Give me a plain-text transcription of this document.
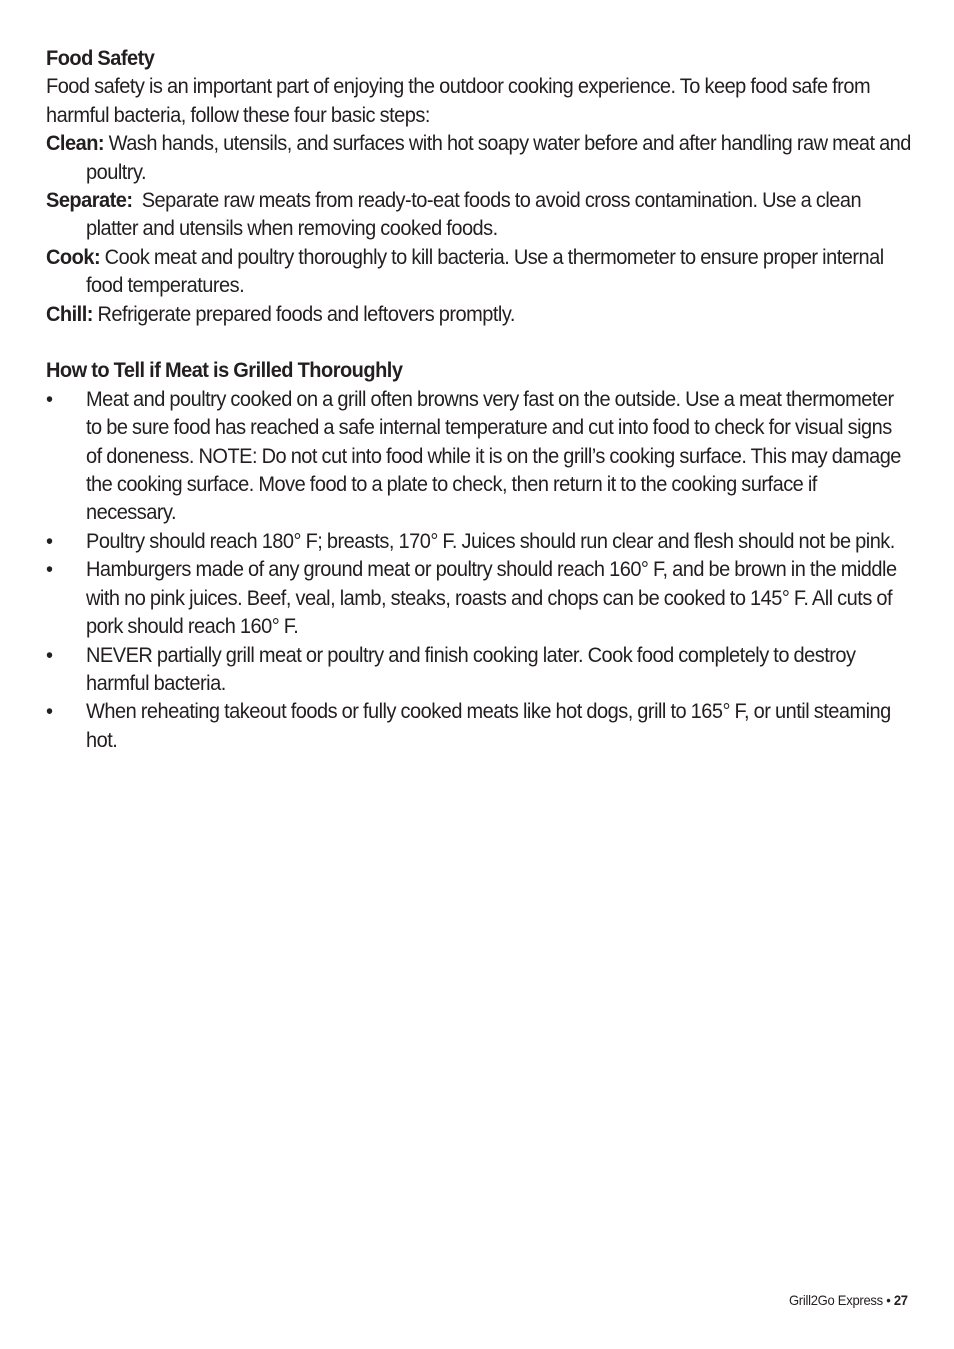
Food Safety

Food safety is an important part of enjoying the outdoor cooking experience. To keep food safe from harmful bacteria, follow these four basic steps:

Clean: Wash hands, utensils, and surfaces with hot soapy water before and after handling raw meat and poultry.

Separate:  Separate raw meats from ready-to-eat foods to avoid cross contamination. Use a clean platter and utensils when removing cooked foods.

Cook: Cook meat and poultry thoroughly to kill bacteria. Use a thermometer to ensure proper internal food temperatures.

Chill: Refrigerate prepared foods and leftovers promptly.

How to Tell if Meat is Grilled Thoroughly

• Meat and poultry cooked on a grill often browns very fast on the outside. Use a meat thermometer to be sure food has reached a safe internal temperature and cut into food to check for visual signs of doneness. NOTE: Do not cut into food while it is on the grill’s cooking surface. This may damage the cooking surface. Move food to a plate to check, then return it to the cooking surface if necessary.
• Poultry should reach 180° F; breasts, 170° F. Juices should run clear and flesh should not be pink.
• Hamburgers made of any ground meat or poultry should reach 160° F, and be brown in the middle with no pink juices. Beef, veal, lamb, steaks, roasts and chops can be cooked to 145° F. All cuts of pork should reach 160° F.
• NEVER partially grill meat or poultry and finish cooking later. Cook food completely to destroy harmful bacteria.
• When reheating takeout foods or fully cooked meats like hot dogs, grill to 165° F, or until steaming hot.
Grill2Go Express • 27
